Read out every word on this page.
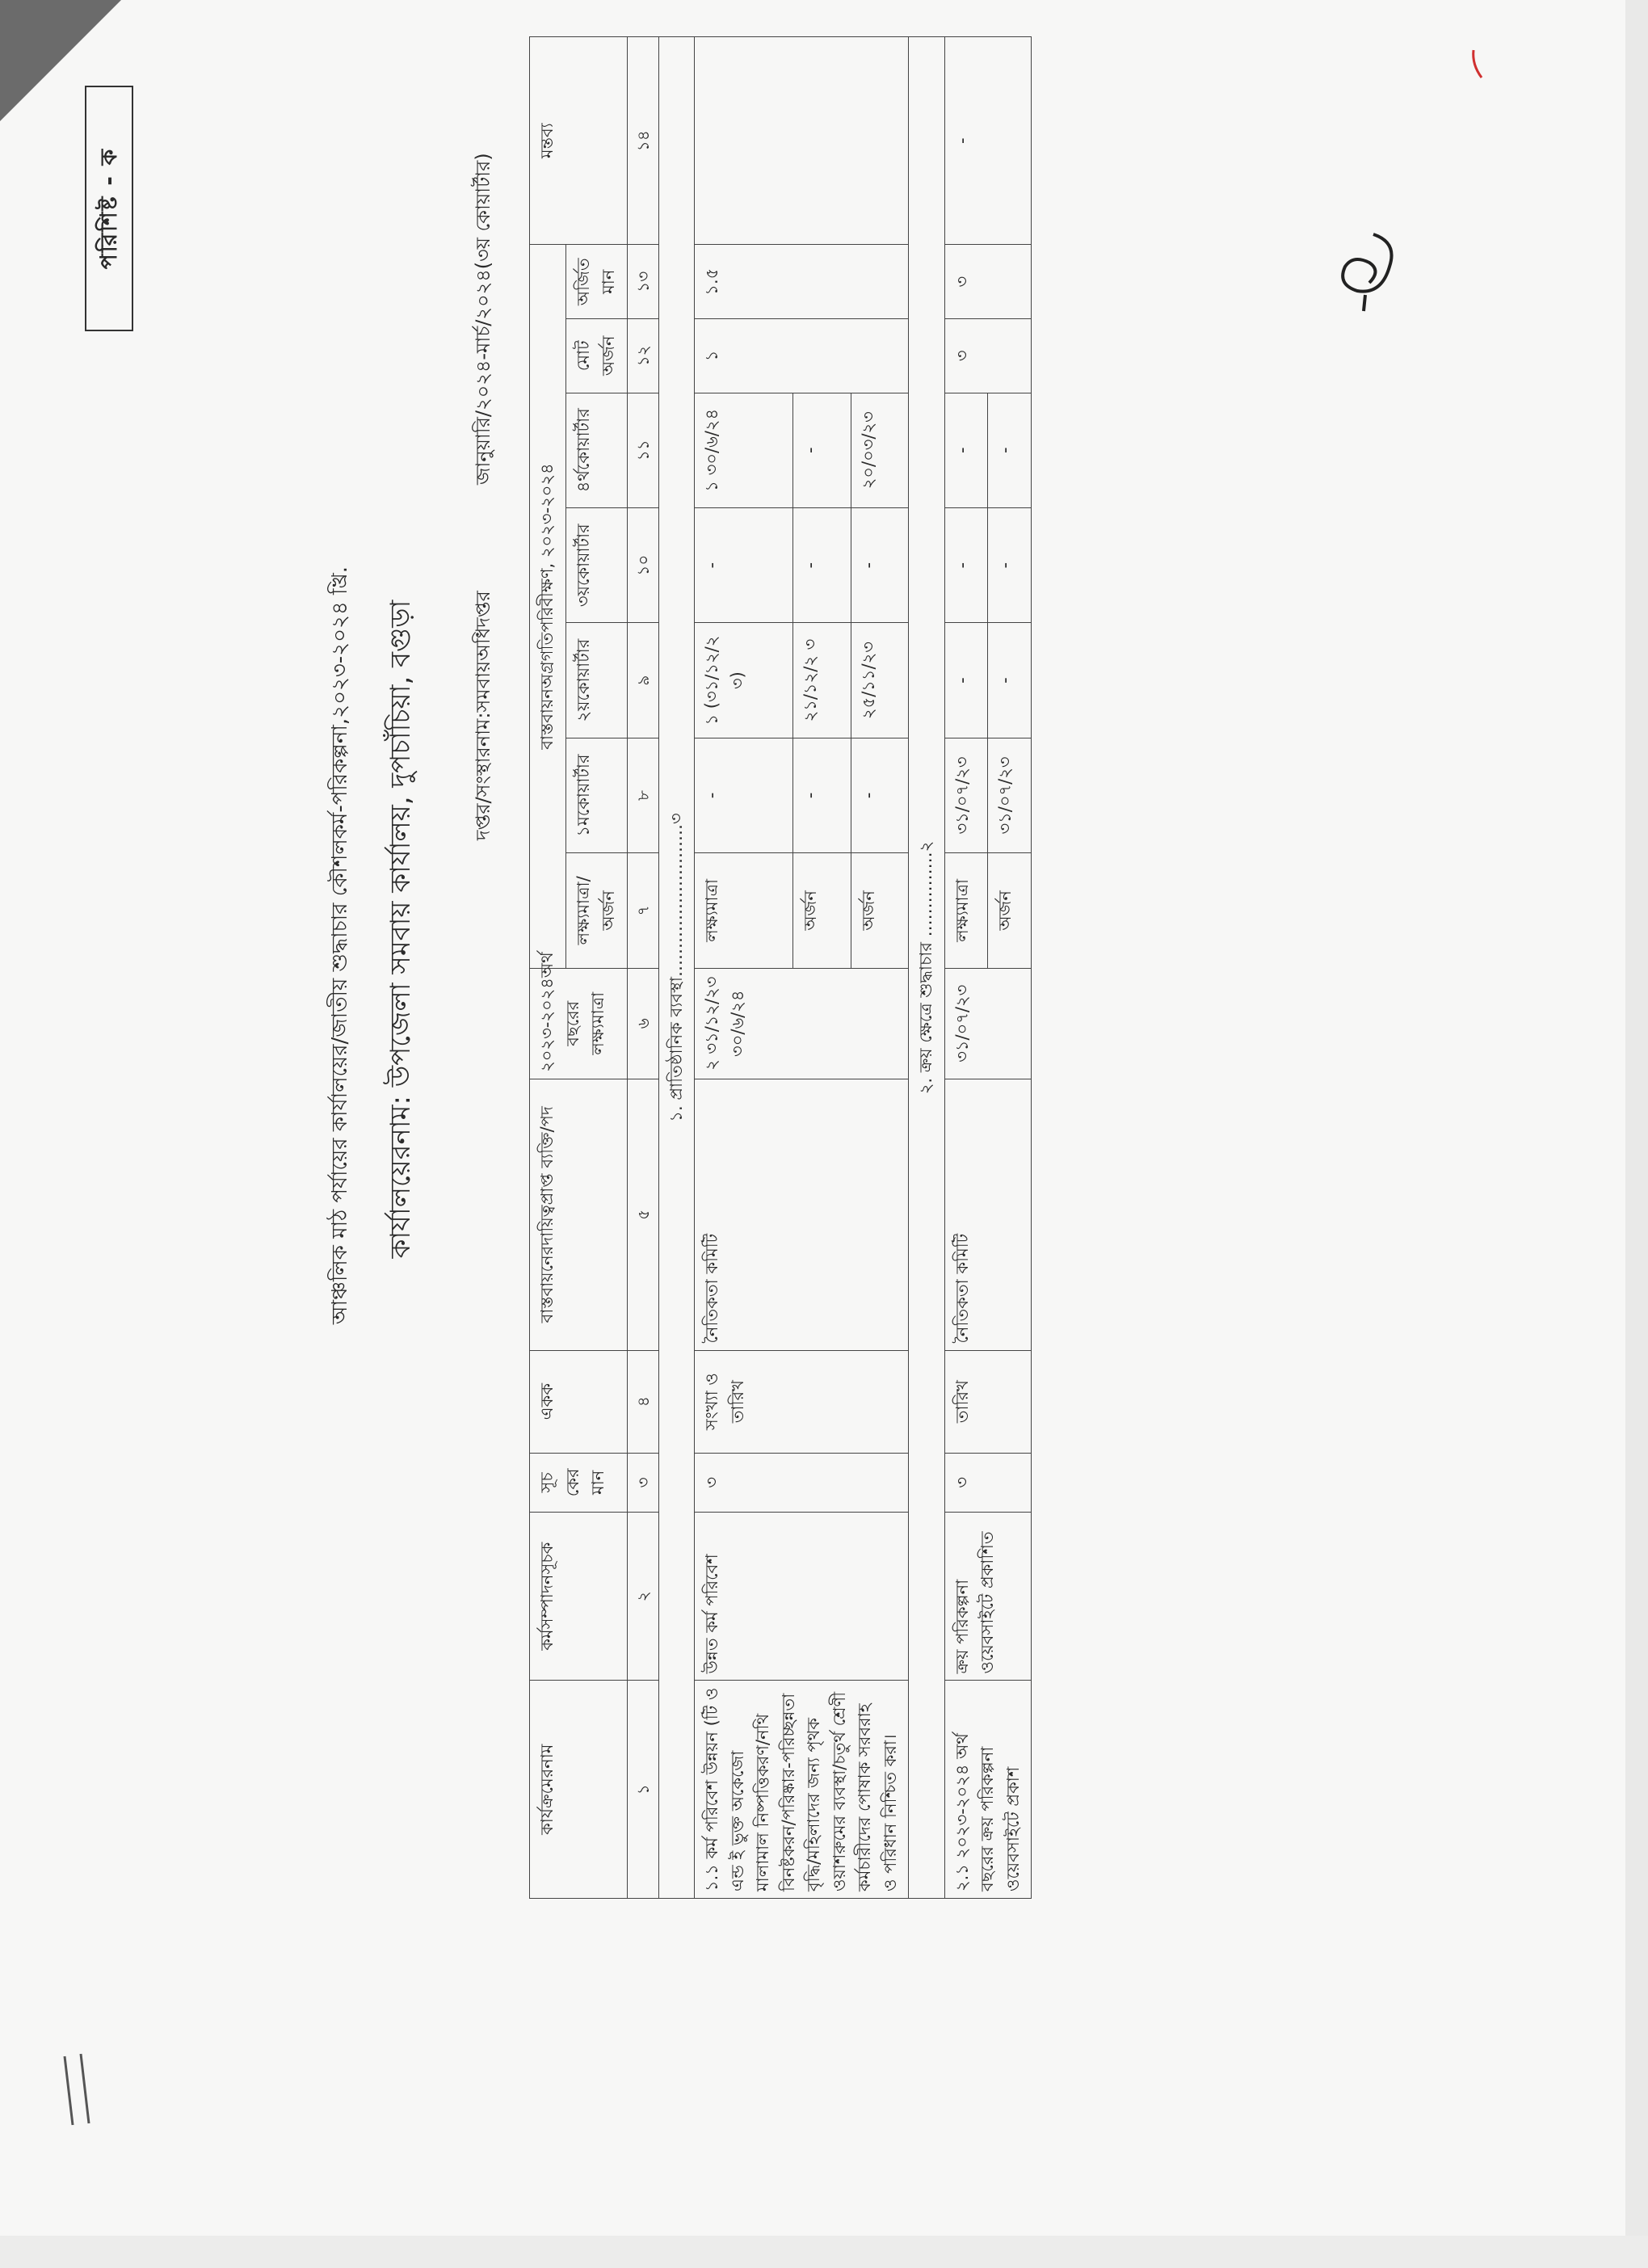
পরিশিষ্ট - ক
আঞ্চলিক মাঠ পর্যায়ের কার্যালয়ের/জাতীয় শুদ্ধাচার কৌশলকর্ম-পরিকল্পনা,২০২৩-২০২৪ খ্রি. কার্যালয়েরনাম: উপজেলা সমবায় কার্যালয়, দুপচাঁচিয়া, বগুড়া	দপ্তর/সংস্থারনাম:সমবায়অধিদপ্তর
জানুয়ারি/২০২৪-মার্চ/২০২৪(৩য় কোয়ার্টার)
কার্যক্রমেরনাম	কর্মসম্পাদনসূচক	সূচ কের মান	একক	বাস্তবায়নেরদায়িত্বপ্রাপ্ত ব্যক্তি/পদ	২০২৩-২০২৪অর্থ বছরের লক্ষ্যমাত্রা	বাস্তবায়নঅগ্রগতিপরিবীক্ষণ, ২০২৩-২০২৪							মন্তব্য
						লক্ষ্যমাত্রা/ অর্জন	১মকোয়ার্টার	২য়কোয়ার্টার	৩য়কোয়ার্টার	৪র্থকোয়ার্টার	মোট অর্জন	অর্জিত মান	
১	২	৩	৪	৫	৬	৭	৮	৯	১০	১১	১২	১৩	১৪
১. প্রাতিষ্ঠানিক ব্যবস্থা………………………৩													
১.১ কর্ম পরিবেশ উন্নয়ন (টি ও এন্ড ই ভুক্ত অকেজো মালামাল নিষ্পত্তিকরণ/নথি বিনষ্টকরন/পরিষ্কার-পরিচ্ছন্নতা বৃদ্ধি/মহিলাদের জন্য পৃথক ওয়াশরুমের ব্যবস্থা/চতুর্থ শ্রেণী কর্মচারীদের পোষাক সরবরাহ ও পরিধান নিশ্চিত করা।	উন্নত কর্ম পরিবেশ	৩	সংখ্যা ও তারিখ	নৈতিকতা কমিটি	২ ৩১/১২/২৩ ৩০/৬/২৪	লক্ষ্যমাত্রা	-	১ (৩১/১২/২ ৩)	-	১ ৩০/৬/২৪	১	১.৫	
						অর্জন	-	২১/১২/২ ৩	-	-			
						অর্জন	-	২৫/১১/২৩	-	২০/০৩/২৩			
২. ক্রয় ক্ষেত্রে শুদ্ধাচার ……………২													
২.১ ২০২৩-২০২৪ অর্থ বছরের ক্রয় পরিকল্পনা ওয়েবসাইটে প্রকাশ	ক্রয় পরিকল্পনা ওয়েবসাইটে প্রকাশিত	৩	তারিখ	নৈতিকতা কমিটি	৩১/০৭/২৩	লক্ষ্যমাত্রা	৩১/০৭/২৩	-	-	-	৩	৩	-
						অর্জন	৩১/০৭/২৩	-	-	-			
